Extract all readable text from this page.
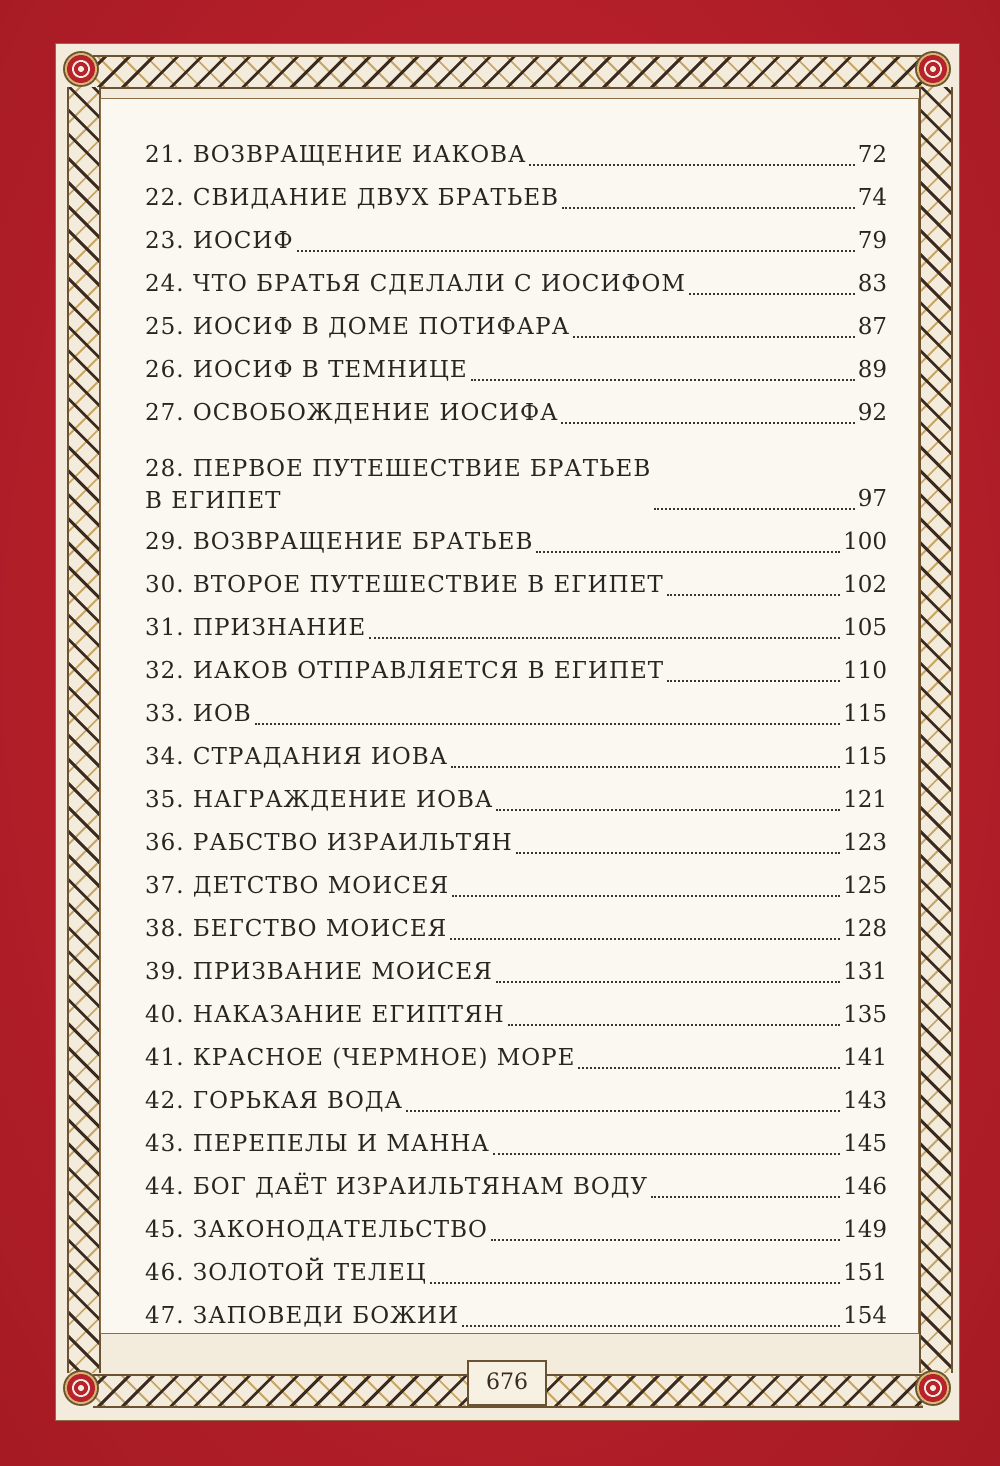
21. ВОЗВРАЩЕНИЕ ИАКОВА	72
22. СВИДАНИЕ ДВУХ БРАТЬЕВ	74
23. ИОСИФ	79
24. ЧТО БРАТЬЯ СДЕЛАЛИ С ИОСИФОМ	83
25. ИОСИФ В ДОМЕ ПОТИФАРА	87
26. ИОСИФ В ТЕМНИЦЕ	89
27. ОСВОБОЖДЕНИЕ ИОСИФА	92
28. ПЕРВОЕ ПУТЕШЕСТВИЕ БРАТЬЕВ
В ЕГИПЕТ	97
29. ВОЗВРАЩЕНИЕ БРАТЬЕВ	100
30. ВТОРОЕ ПУТЕШЕСТВИЕ В ЕГИПЕТ	102
31. ПРИЗНАНИЕ	105
32. ИАКОВ ОТПРАВЛЯЕТСЯ В ЕГИПЕТ	110
33. ИОВ	115
34. СТРАДАНИЯ ИОВА	115
35. НАГРАЖДЕНИЕ ИОВА	121
36. РАБСТВО ИЗРАИЛЬТЯН	123
37. ДЕТСТВО МОИСЕЯ	125
38. БЕГСТВО МОИСЕЯ	128
39. ПРИЗВАНИЕ МОИСЕЯ	131
40. НАКАЗАНИЕ ЕГИПТЯН	135
41. КРАСНОЕ (ЧЕРМНОЕ) МОРЕ	141
42. ГОРЬКАЯ ВОДА	143
43. ПЕРЕПЕЛЫ И МАННА	145
44. БОГ ДАЁТ ИЗРАИЛЬТЯНАМ ВОДУ	146
45. ЗАКОНОДАТЕЛЬСТВО	149
46. ЗОЛОТОЙ ТЕЛЕЦ	151
47. ЗАПОВЕДИ БОЖИИ	154
676
